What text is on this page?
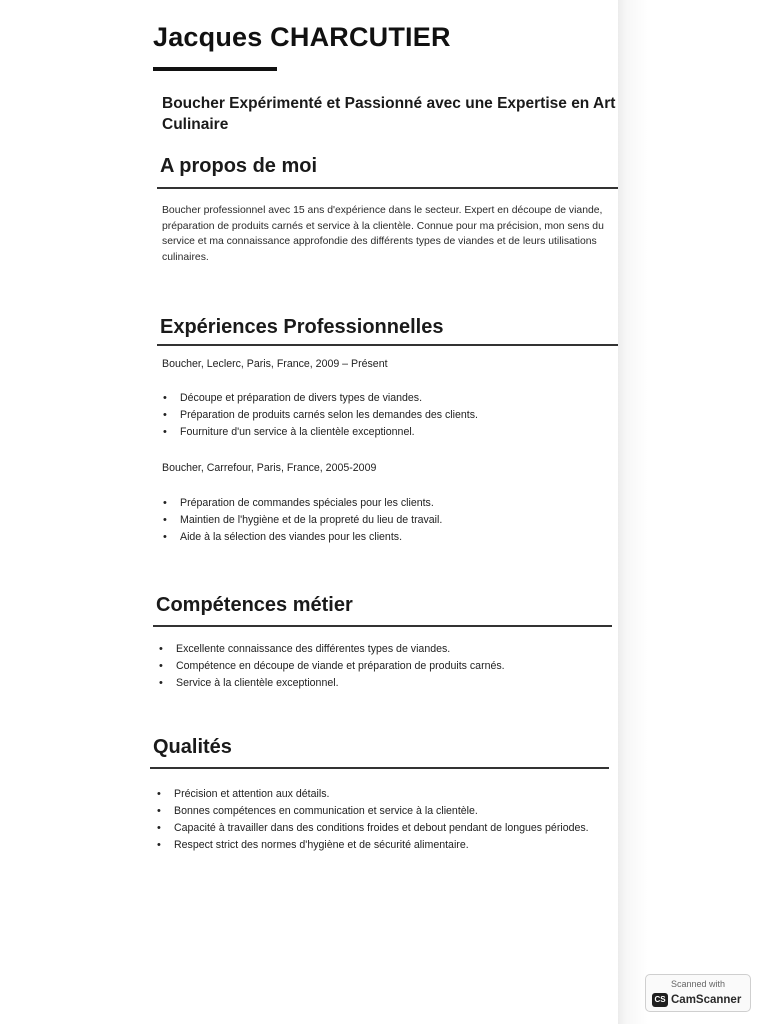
Jacques CHARCUTIER
Boucher Expérimenté et Passionné avec une Expertise en Art Culinaire
A propos de moi
Boucher professionnel avec 15 ans d'expérience dans le secteur. Expert en découpe de viande, préparation de produits carnés et service à la clientèle. Connue pour ma précision, mon sens du service et ma connaissance approfondie des différents types de viandes et de leurs utilisations culinaires.
Expériences Professionnelles
Boucher, Leclerc, Paris, France, 2009 – Présent
• Découpe et préparation de divers types de viandes.
• Préparation de produits carnés selon les demandes des clients.
• Fourniture d'un service à la clientèle exceptionnel.
Boucher, Carrefour, Paris, France, 2005-2009
• Préparation de commandes spéciales pour les clients.
• Maintien de l'hygiène et de la propreté du lieu de travail.
• Aide à la sélection des viandes pour les clients.
Compétences métier
• Excellente connaissance des différentes types de viandes.
• Compétence en découpe de viande et préparation de produits carnés.
• Service à la clientèle exceptionnel.
Qualités
• Précision et attention aux détails.
• Bonnes compétences en communication et service à la clientèle.
• Capacité à travailler dans des conditions froides et debout pendant de longues périodes.
• Respect strict des normes d'hygiène et de sécurité alimentaire.
Scanned with
CS CamScanner
